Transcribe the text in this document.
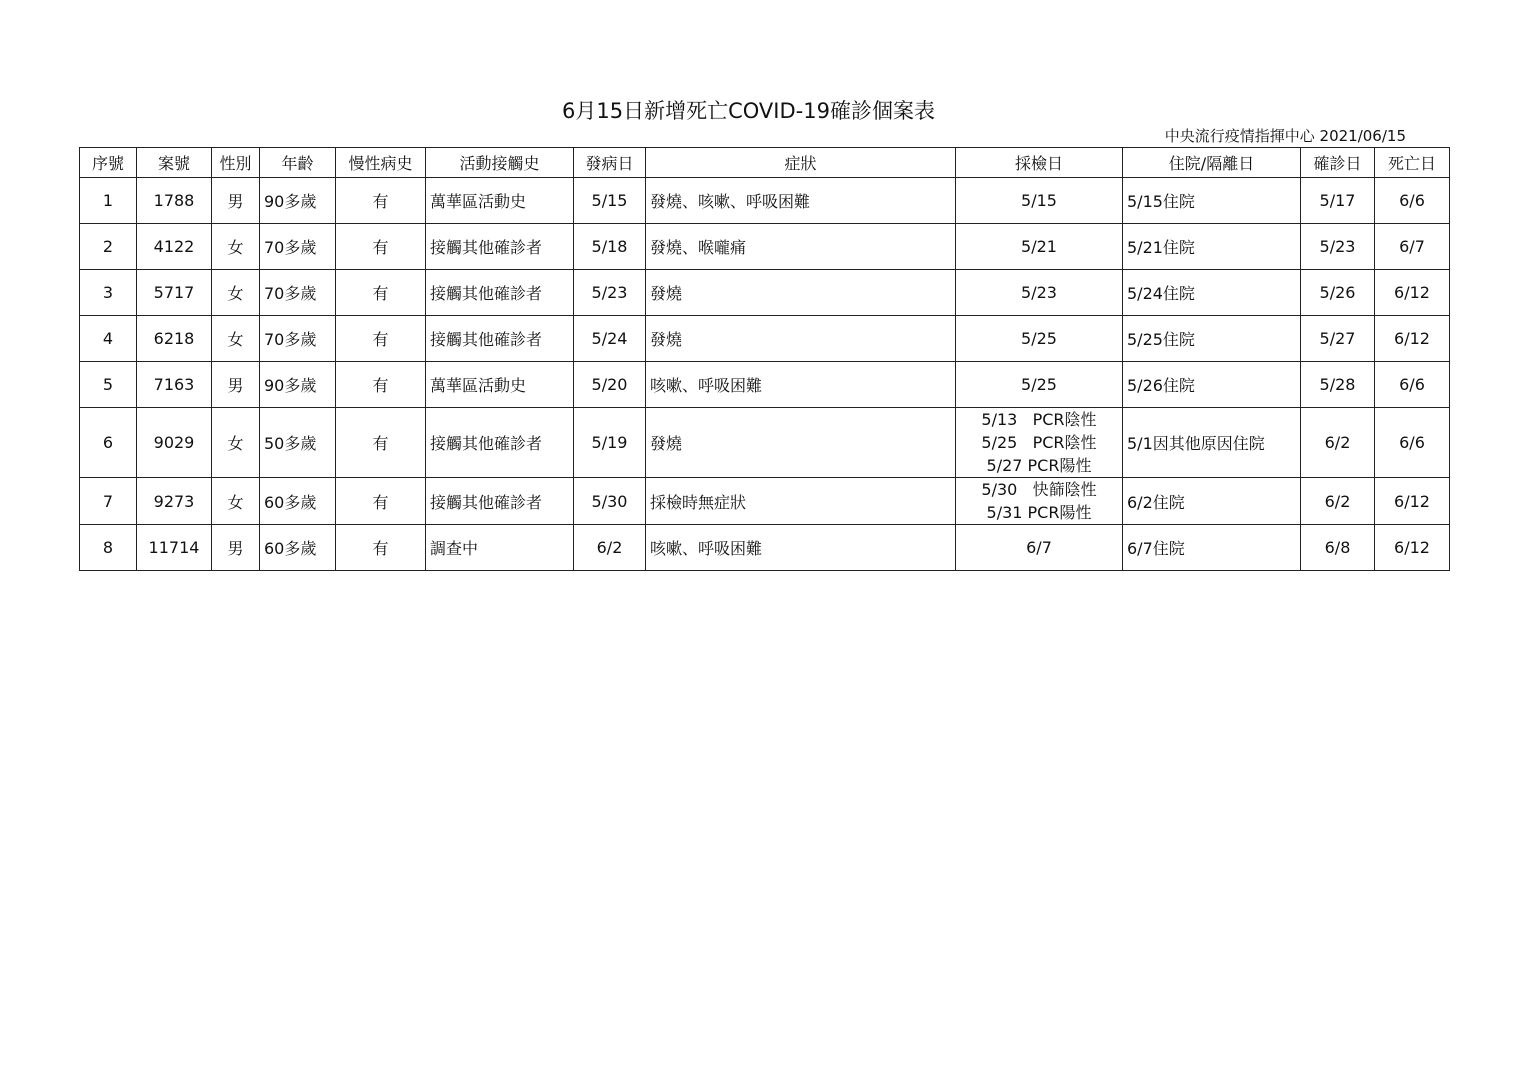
6月15日新增死亡COVID-19確診個案表
中央流行疫情指揮中心 2021/06/15
序號	案號	性別	年齡	慢性病史	活動接觸史	發病日	症狀	採檢日	住院/隔離日	確診日	死亡日
1	1788	男	90多歲	有	萬華區活動史	5/15	發燒、咳嗽、呼吸困難	5/15	5/15住院	5/17	6/6
2	4122	女	70多歲	有	接觸其他確診者	5/18	發燒、喉嚨痛	5/21	5/21住院	5/23	6/7
3	5717	女	70多歲	有	接觸其他確診者	5/23	發燒	5/23	5/24住院	5/26	6/12
4	6218	女	70多歲	有	接觸其他確診者	5/24	發燒	5/25	5/25住院	5/27	6/12
5	7163	男	90多歲	有	萬華區活動史	5/20	咳嗽、呼吸困難	5/25	5/26住院	5/28	6/6
6	9029	女	50多歲	有	接觸其他確診者	5/19	發燒	5/13   PCR陰性
5/25   PCR陰性
5/27 PCR陽性	5/1因其他原因住院	6/2	6/6
7	9273	女	60多歲	有	接觸其他確診者	5/30	採檢時無症狀	5/30   快篩陰性
5/31 PCR陽性	6/2住院	6/2	6/12
8	11714	男	60多歲	有	調查中	6/2	咳嗽、呼吸困難	6/7	6/7住院	6/8	6/12
